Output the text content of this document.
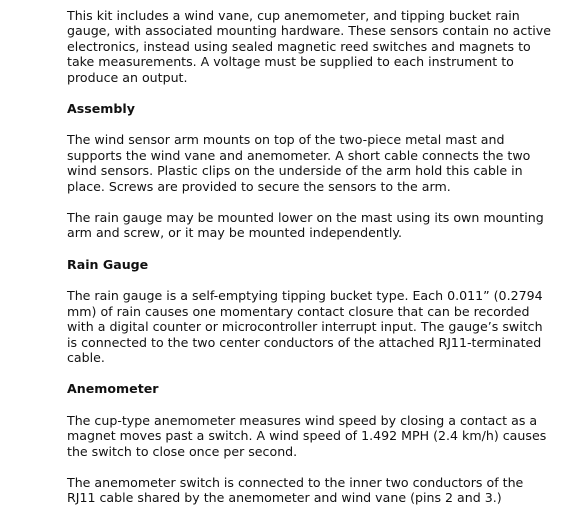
This kit includes a wind vane, cup anemometer, and tipping bucket rain gauge, with associated mounting hardware. These sensors contain no active electronics, instead using sealed magnetic reed switches and magnets to take measurements. A voltage must be supplied to each instrument to produce an output.

Assembly

The wind sensor arm mounts on top of the two-piece metal mast and supports the wind vane and anemometer. A short cable connects the two wind sensors. Plastic clips on the underside of the arm hold this cable in place. Screws are provided to secure the sensors to the arm.

The rain gauge may be mounted lower on the mast using its own mounting arm and screw, or it may be mounted independently.

Rain Gauge

The rain gauge is a self-emptying tipping bucket type. Each 0.011” (0.2794 mm) of rain causes one momentary contact closure that can be recorded with a digital counter or microcontroller interrupt input. The gauge’s switch is connected to the two center conductors of the attached RJ11-terminated cable.

Anemometer

The cup-type anemometer measures wind speed by closing a contact as a magnet moves past a switch. A wind speed of 1.492 MPH (2.4 km/h) causes the switch to close once per second.

The anemometer switch is connected to the inner two conductors of the RJ11 cable shared by the anemometer and wind vane (pins 2 and 3.)
